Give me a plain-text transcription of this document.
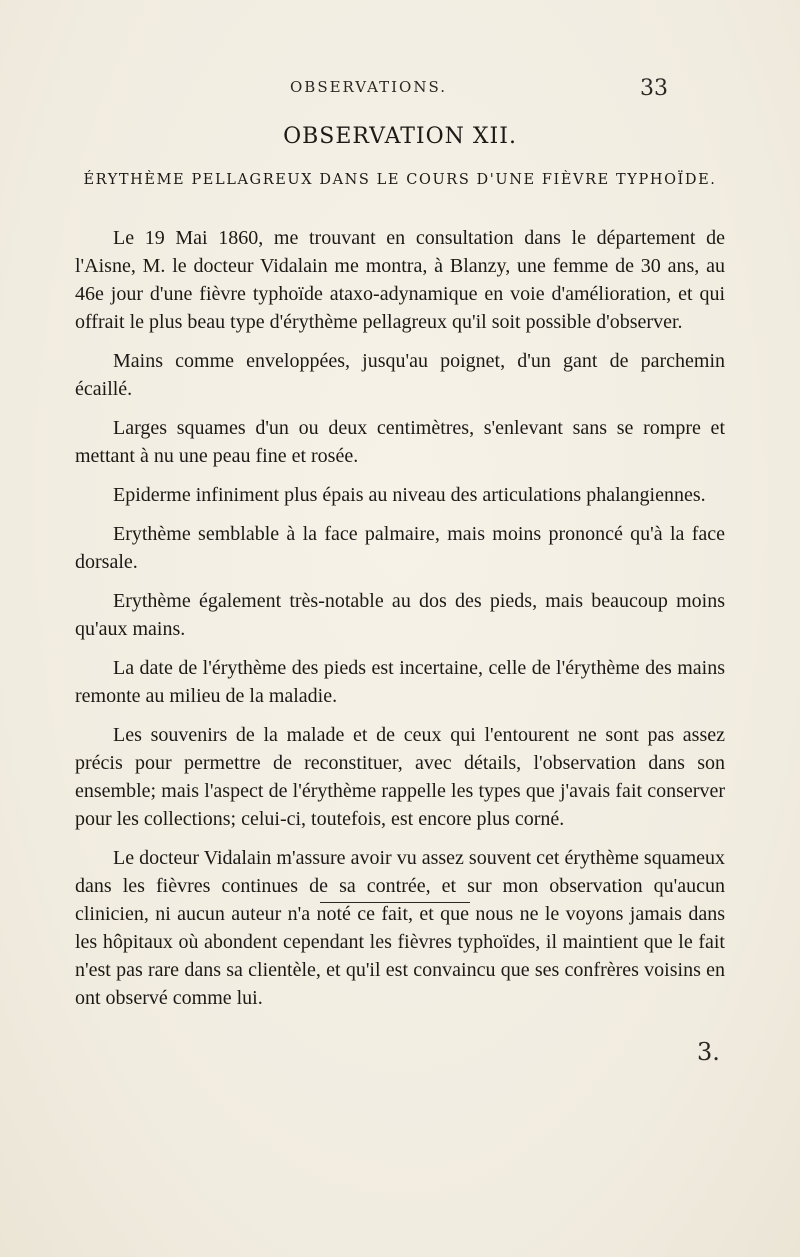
OBSERVATIONS.	33
OBSERVATION XII.
ÉRYTHÈME PELLAGREUX DANS LE COURS D'UNE FIÈVRE TYPHOÏDE.

Le 19 Mai 1860, me trouvant en consultation dans le département de l'Aisne, M. le docteur Vidalain me montra, à Blanzy, une femme de 30 ans, au 46e jour d'une fièvre typhoïde ataxo-adynamique en voie d'amélioration, et qui offrait le plus beau type d'érythème pellagreux qu'il soit possible d'observer.

Mains comme enveloppées, jusqu'au poignet, d'un gant de parchemin écaillé.

Larges squames d'un ou deux centimètres, s'enlevant sans se rompre et mettant à nu une peau fine et rosée.

Epiderme infiniment plus épais au niveau des articulations phalangiennes.

Erythème semblable à la face palmaire, mais moins prononcé qu'à la face dorsale.

Erythème également très-notable au dos des pieds, mais beaucoup moins qu'aux mains.

La date de l'érythème des pieds est incertaine, celle de l'érythème des mains remonte au milieu de la maladie.

Les souvenirs de la malade et de ceux qui l'entourent ne sont pas assez précis pour permettre de reconstituer, avec détails, l'observation dans son ensemble; mais l'aspect de l'érythème rappelle les types que j'avais fait conserver pour les collections; celui-ci, toutefois, est encore plus corné.

Le docteur Vidalain m'assure avoir vu assez souvent cet érythème squameux dans les fièvres continues de sa contrée, et sur mon observation qu'aucun clinicien, ni aucun auteur n'a noté ce fait, et que nous ne le voyons jamais dans les hôpitaux où abondent cependant les fièvres typhoïdes, il maintient que le fait n'est pas rare dans sa clientèle, et qu'il est convaincu que ses confrères voisins en ont observé comme lui.

3.
